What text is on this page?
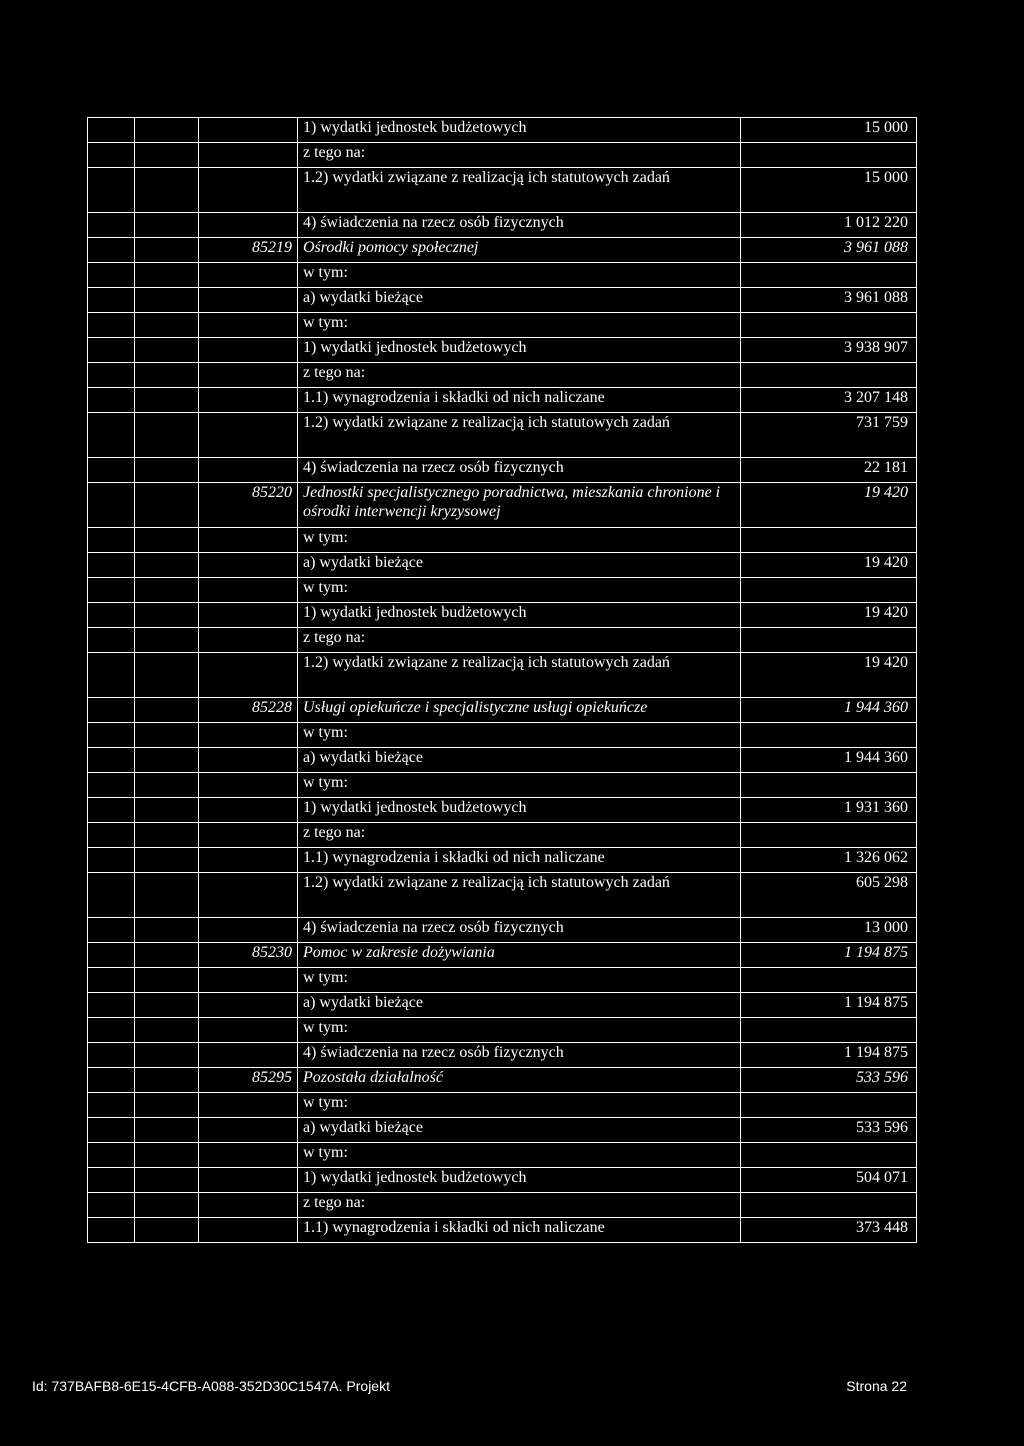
			1) wydatki jednostek budżetowych	15 000
			z tego na:	
			1.2) wydatki związane z realizacją ich statutowych zadań	15 000
			4) świadczenia na rzecz osób fizycznych	1 012 220
		85219	Ośrodki pomocy społecznej	3 961 088
			w tym:	
			a) wydatki bieżące	3 961 088
			w tym:	
			1) wydatki jednostek budżetowych	3 938 907
			z tego na:	
			1.1) wynagrodzenia i składki od nich naliczane	3 207 148
			1.2) wydatki związane z realizacją ich statutowych zadań	731 759
			4) świadczenia na rzecz osób fizycznych	22 181
		85220	Jednostki specjalistycznego poradnictwa, mieszkania chronione i ośrodki interwencji kryzysowej	19 420
			w tym:	
			a) wydatki bieżące	19 420
			w tym:	
			1) wydatki jednostek budżetowych	19 420
			z tego na:	
			1.2) wydatki związane z realizacją ich statutowych zadań	19 420
		85228	Usługi opiekuńcze i specjalistyczne usługi opiekuńcze	1 944 360
			w tym:	
			a) wydatki bieżące	1 944 360
			w tym:	
			1) wydatki jednostek budżetowych	1 931 360
			z tego na:	
			1.1) wynagrodzenia i składki od nich naliczane	1 326 062
			1.2) wydatki związane z realizacją ich statutowych zadań	605 298
			4) świadczenia na rzecz osób fizycznych	13 000
		85230	Pomoc w zakresie dożywiania	1 194 875
			w tym:	
			a) wydatki bieżące	1 194 875
			w tym:	
			4) świadczenia na rzecz osób fizycznych	1 194 875
		85295	Pozostała działalność	533 596
			w tym:	
			a) wydatki bieżące	533 596
			w tym:	
			1) wydatki jednostek budżetowych	504 071
			z tego na:	
			1.1) wynagrodzenia i składki od nich naliczane	373 448
Id: 737BAFB8-6E15-4CFB-A088-352D30C1547A. Projekt	Strona 22
